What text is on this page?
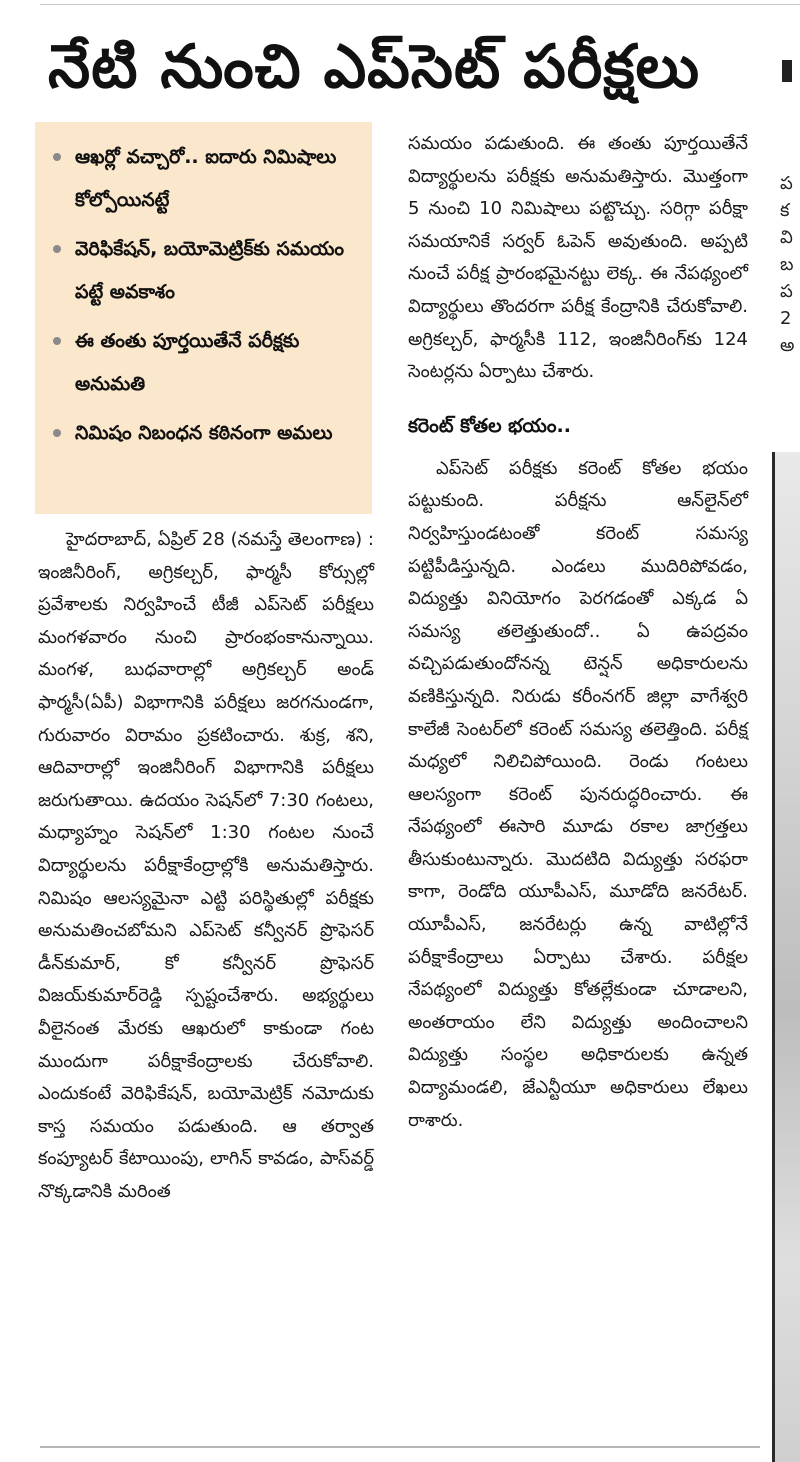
నేటి నుంచి ఎప్‌సెట్ పరీక్షలు
ఆఖర్లో వచ్చారో.. ఐదారు నిమిషాలు కోల్పోయినట్టే
వెరిఫికేషన్, బయోమెట్రిక్‌కు సమయం పట్టే అవకాశం
ఈ తంతు పూర్తయితేనే పరీక్షకు అనుమతి
నిమిషం నిబంధన కఠినంగా అమలు

హైదరాబాద్, ఏప్రిల్ 28 (నమస్తే తెలంగాణ) : ఇంజినీరింగ్, అగ్రికల్చర్, ఫార్మసీ కోర్సుల్లో ప్రవేశాలకు నిర్వహించే టీజీ ఎప్‌సెట్ పరీక్షలు మంగళవారం నుంచి ప్రారంభంకానున్నాయి. మంగళ, బుధవారాల్లో అగ్రికల్చర్ అండ్ ఫార్మసీ(ఏపీ) విభాగానికి పరీక్షలు జరగనుండగా, గురువారం విరామం ప్రకటించారు. శుక్ర, శని, ఆదివారాల్లో ఇంజినీరింగ్ విభాగానికి పరీక్షలు జరుగుతాయి. ఉదయం సెషన్‌లో 7:30 గంటలు, మధ్యాహ్నం సెషన్‌లో 1:30 గంటల నుంచే విద్యార్థులను పరీక్షాకేంద్రాల్లోకి అనుమతిస్తారు. నిమిషం ఆలస్యమైనా ఎట్టి పరిస్థితుల్లో పరీక్షకు అనుమతించబోమని ఎప్‌సెట్ కన్వీనర్ ప్రొఫెసర్ డీన్‌కుమార్, కో కన్వీనర్ ప్రొఫెసర్ విజయ్‌కుమార్‌రెడ్డి స్పష్టంచేశారు. అభ్యర్థులు వీలైనంత మేరకు ఆఖరులో కాకుండా గంట ముందుగా పరీక్షాకేంద్రాలకు చేరుకోవాలి. ఎందుకంటే వెరిఫికేషన్, బయోమెట్రిక్ నమోదుకు కాస్త సమయం పడుతుంది. ఆ తర్వాత కంప్యూటర్ కేటాయింపు, లాగిన్ కావడం, పాస్‌వర్డ్ నొక్కడానికి మరింత

సమయం పడుతుంది. ఈ తంతు పూర్తయితేనే విద్యార్థులను పరీక్షకు అనుమతిస్తారు. మొత్తంగా 5 నుంచి 10 నిమిషాలు పట్టొచ్చు. సరిగ్గా పరీక్షా సమయానికే సర్వర్ ఓపెన్ అవుతుంది. అప్పటి నుంచే పరీక్ష ప్రారంభమైనట్టు లెక్క. ఈ నేపథ్యంలో విద్యార్థులు తొందరగా పరీక్ష కేంద్రానికి చేరుకోవాలి. అగ్రికల్చర్, ఫార్మసీకి 112, ఇంజినీరింగ్‌కు 124 సెంటర్లను ఏర్పాటు చేశారు.

కరెంట్ కోతల భయం..

ఎప్‌సెట్ పరీక్షకు కరెంట్ కోతల భయం పట్టుకుంది. పరీక్షను ఆన్‌లైన్‌లో నిర్వహిస్తుండటంతో కరెంట్ సమస్య పట్టిపీడిస్తున్నది. ఎండలు ముదిరిపోవడం, విద్యుత్తు వినియోగం పెరగడంతో ఎక్కడ ఏ సమస్య తలెత్తుతుందో.. ఏ ఉపద్రవం వచ్చిపడుతుందోనన్న టెన్షన్ అధికారులను వణికిస్తున్నది. నిరుడు కరీంనగర్ జిల్లా వాగేశ్వరి కాలేజీ సెంటర్‌లో కరెంట్ సమస్య తలెత్తింది. పరీక్ష మధ్యలో నిలిచిపోయింది. రెండు గంటలు ఆలస్యంగా కరెంట్ పునరుద్ధరించారు. ఈ నేపథ్యంలో ఈసారి మూడు రకాల జాగ్రత్తలు తీసుకుంటున్నారు. మొదటిది విద్యుత్తు సరఫరా కాగా, రెండోది యూపీఎస్, మూడోది జనరేటర్. యూపీఎస్, జనరేటర్లు ఉన్న వాటిల్లోనే పరీక్షాకేంద్రాలు ఏర్పాటు చేశారు. పరీక్షల నేపథ్యంలో విద్యుత్తు కోతల్లేకుండా చూడాలని, అంతరాయం లేని విద్యుత్తు అందించాలని విద్యుత్తు సంస్థల అధికారులకు ఉన్నత విద్యామండలి, జేఎన్టీయూ అధికారులు లేఖలు రాశారు.

ప
క
వి
బ
ప
2
అ
